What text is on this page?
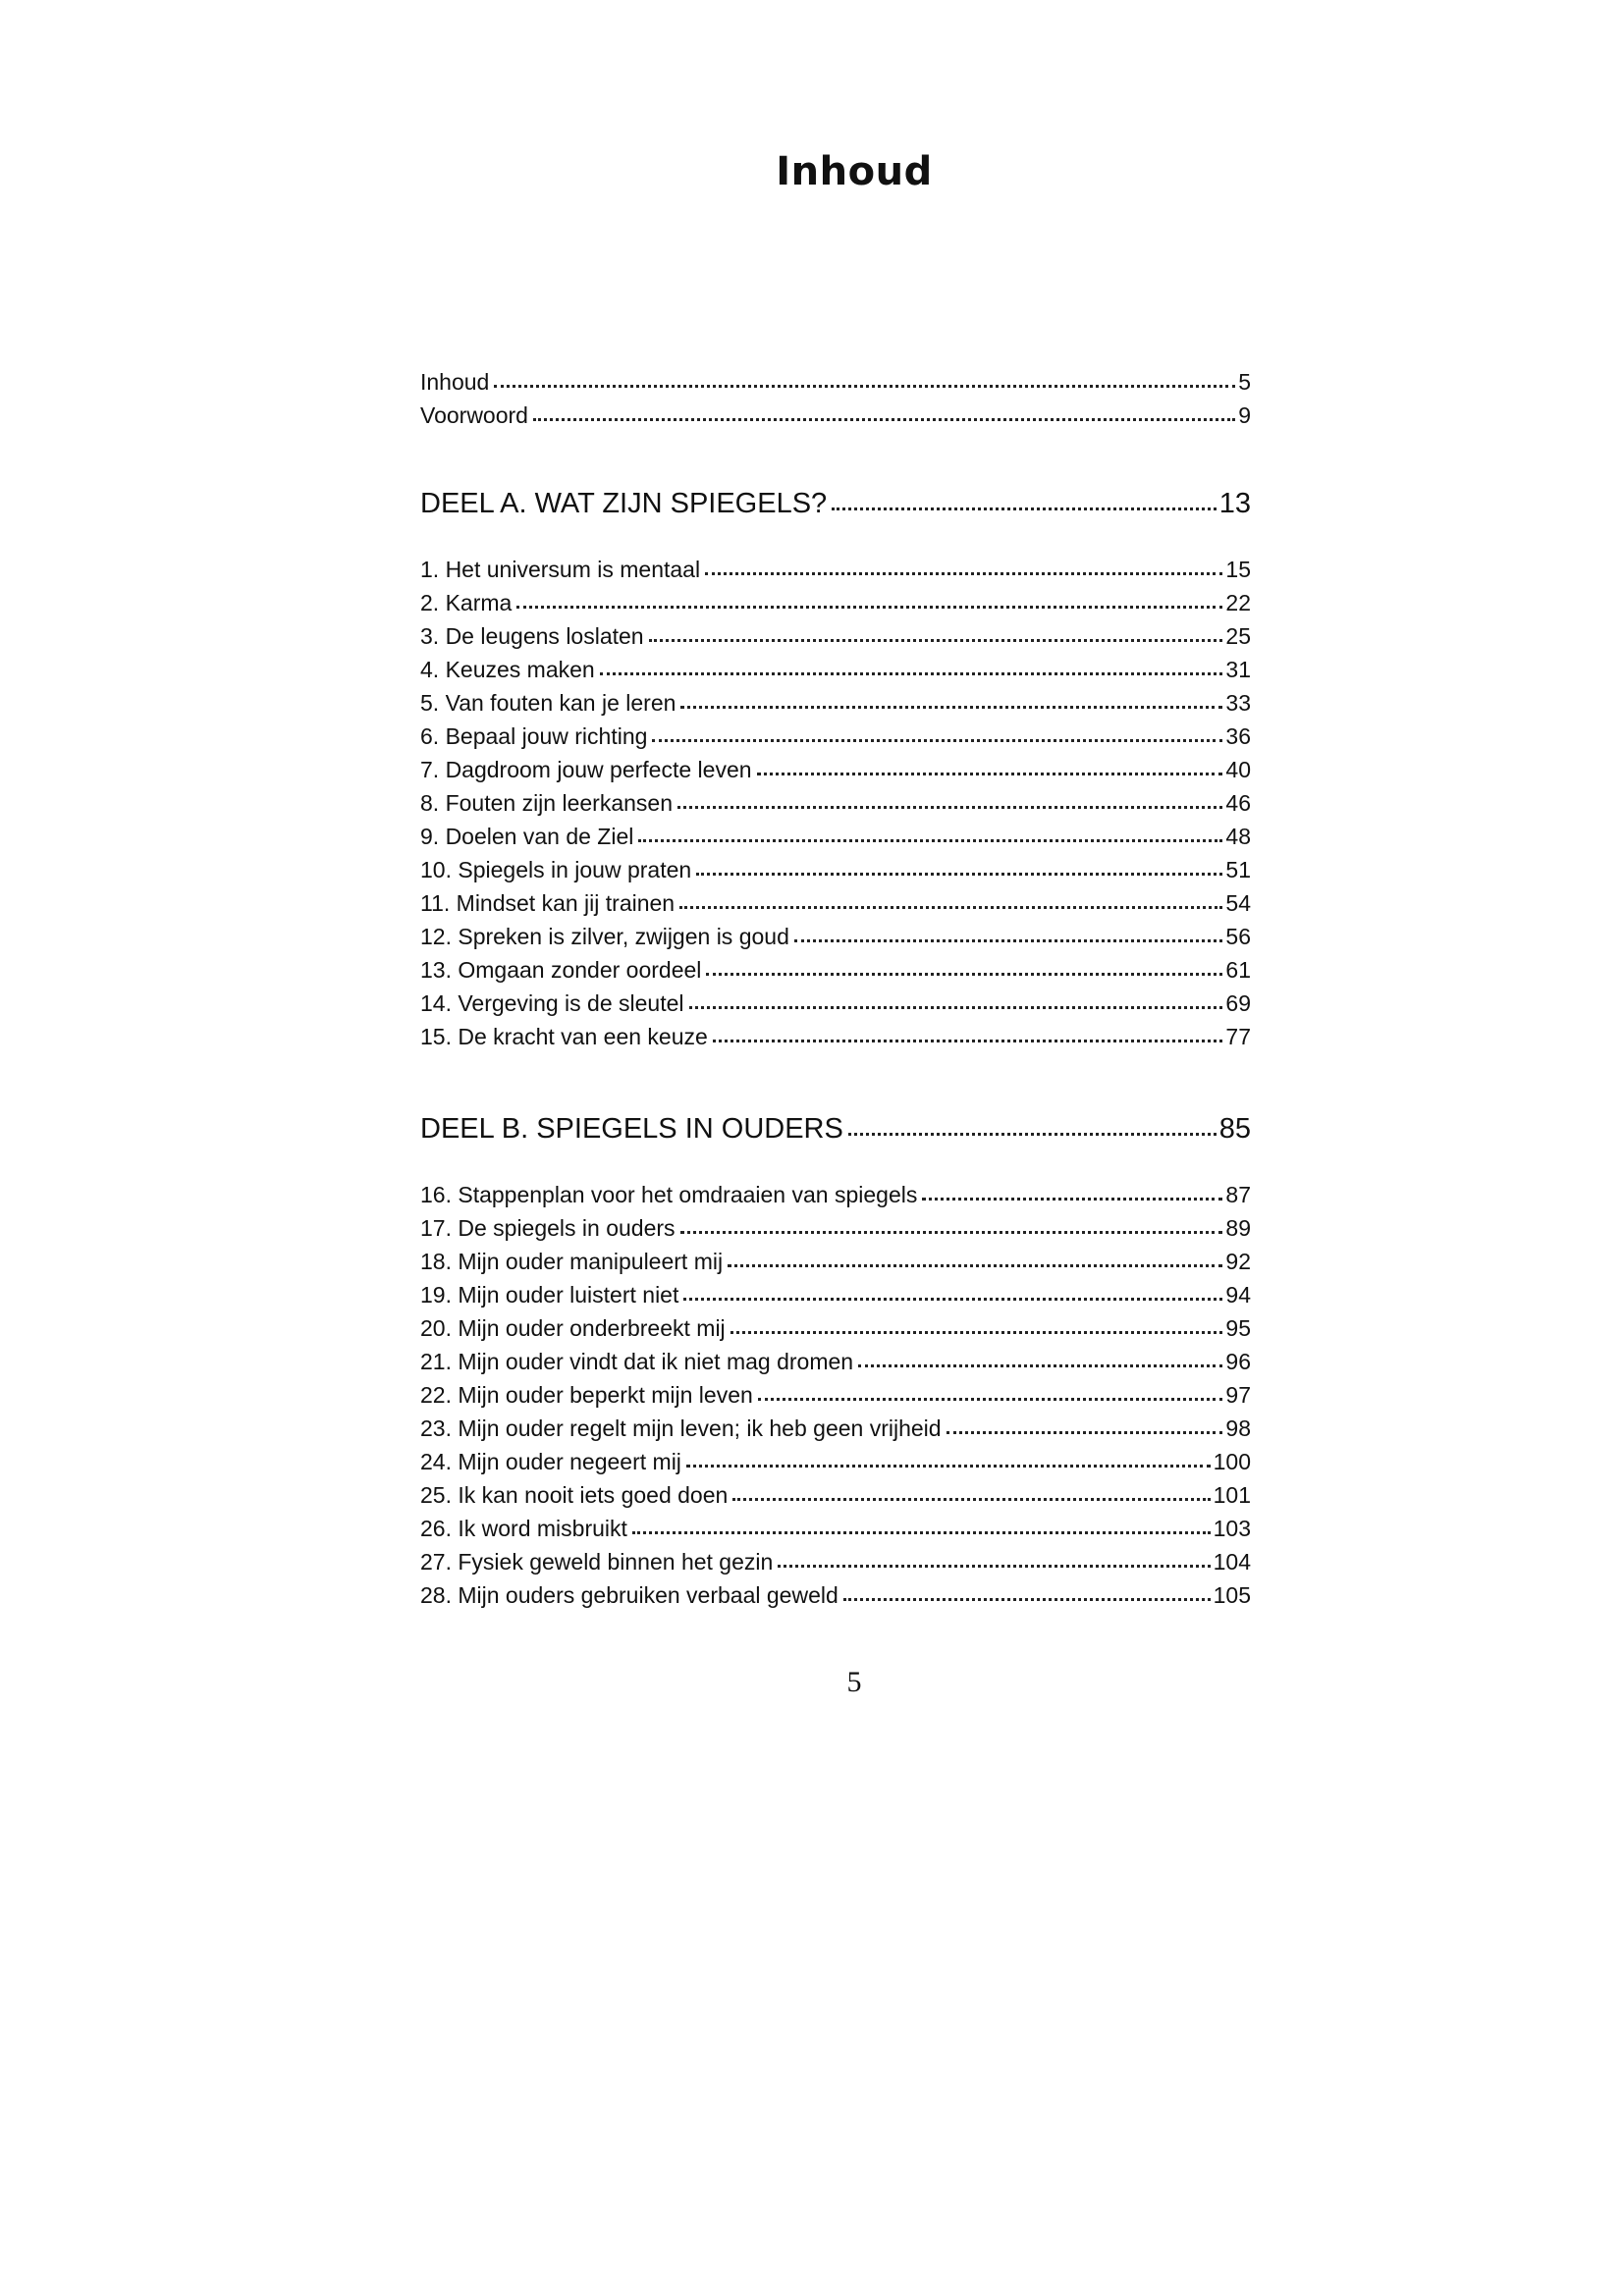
Inhoud
Inhoud	5
Voorwoord	9
DEEL A. WAT ZIJN SPIEGELS?	13
1. Het universum is mentaal	15
2. Karma	22
3. De leugens loslaten	25
4. Keuzes maken	31
5. Van fouten kan je leren	33
6. Bepaal jouw richting	36
7. Dagdroom jouw perfecte leven	40
8. Fouten zijn leerkansen	46
9. Doelen van de Ziel	48
10. Spiegels in jouw praten	51
11. Mindset kan jij trainen	54
12. Spreken is zilver, zwijgen is goud	56
13. Omgaan zonder oordeel	61
14. Vergeving is de sleutel	69
15. De kracht van een keuze	77
DEEL B. SPIEGELS IN OUDERS	85
16. Stappenplan voor het omdraaien van spiegels	87
17. De spiegels in ouders	89
18. Mijn ouder manipuleert mij	92
19. Mijn ouder luistert niet	94
20. Mijn ouder onderbreekt mij	95
21. Mijn ouder vindt dat ik niet mag dromen	96
22. Mijn ouder beperkt mijn leven	97
23. Mijn ouder regelt mijn leven; ik heb geen vrijheid	98
24. Mijn ouder negeert mij	100
25. Ik kan nooit iets goed doen	101
26. Ik word misbruikt	103
27. Fysiek geweld binnen het gezin	104
28. Mijn ouders gebruiken verbaal geweld	105
5
